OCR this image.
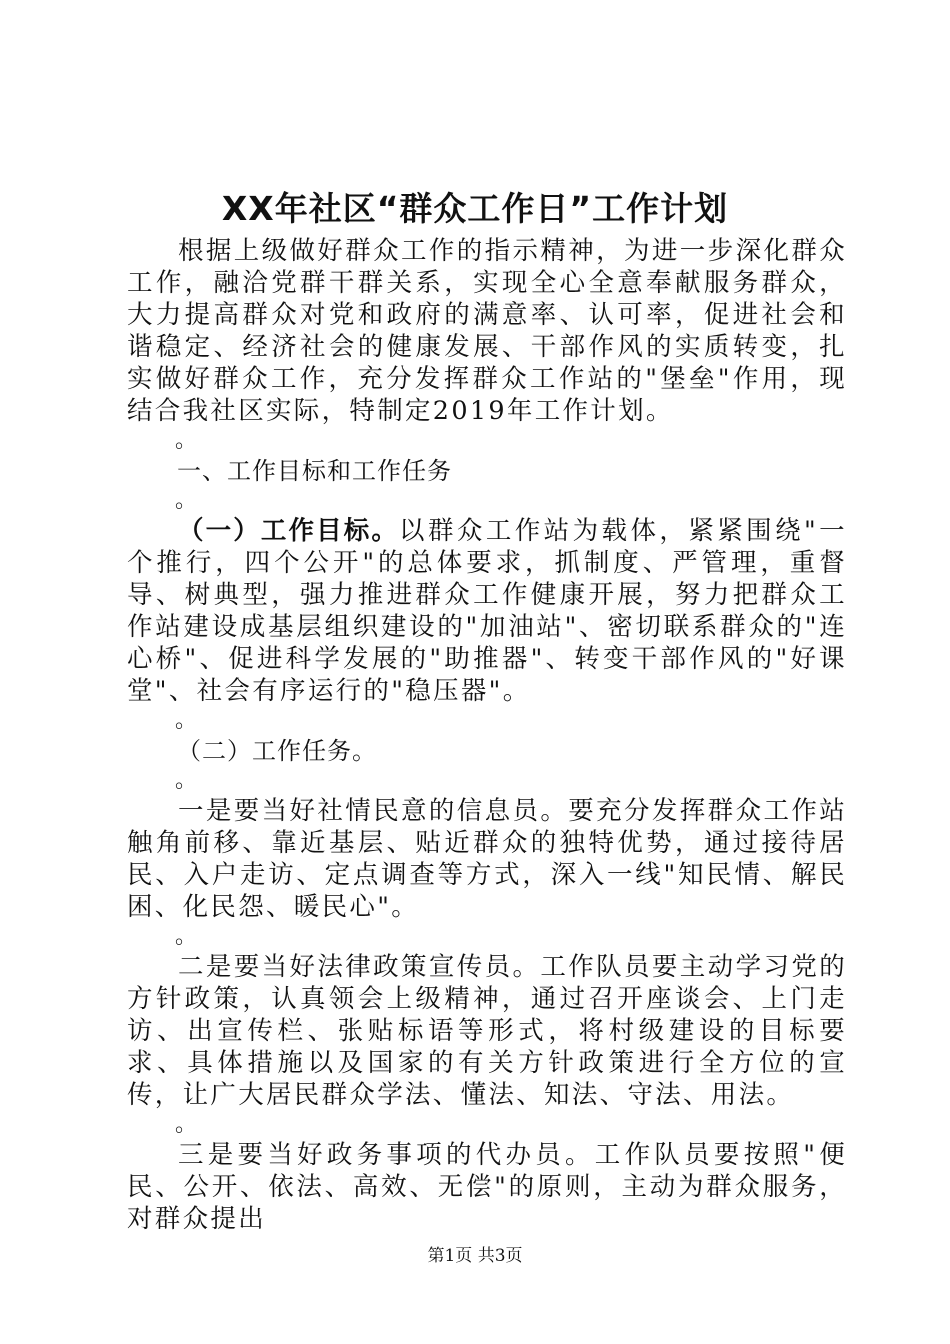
XX年社区“群众工作日”工作计划

根据上级做好群众工作的指示精神，为进一步深化群众工作，融洽党群干群关系，实现全心全意奉献服务群众，大力提高群众对党和政府的满意率、认可率，促进社会和谐稳定、经济社会的健康发展、干部作风的实质转变，扎实做好群众工作，充分发挥群众工作站的"堡垒"作用，现结合我社区实际，特制定2019年工作计划。

。

一、工作目标和工作任务

。

（一）工作目标。以群众工作站为载体，紧紧围绕"一个推行，四个公开"的总体要求，抓制度、严管理，重督导、树典型，强力推进群众工作健康开展，努力把群众工作站建设成基层组织建设的"加油站"、密切联系群众的"连心桥"、促进科学发展的"助推器"、转变干部作风的"好课堂"、社会有序运行的"稳压器"。

。

（二）工作任务。

。

一是要当好社情民意的信息员。要充分发挥群众工作站触角前移、靠近基层、贴近群众的独特优势，通过接待居民、入户走访、定点调查等方式，深入一线"知民情、解民困、化民怨、暖民心"。

。

二是要当好法律政策宣传员。工作队员要主动学习党的方针政策，认真领会上级精神，通过召开座谈会、上门走访、出宣传栏、张贴标语等形式，将村级建设的目标要求、具体措施以及国家的有关方针政策进行全方位的宣传，让广大居民群众学法、懂法、知法、守法、用法。

。

三是要当好政务事项的代办员。工作队员要按照"便民、公开、依法、高效、无偿"的原则，主动为群众服务，对群众提出

第1页 共3页
